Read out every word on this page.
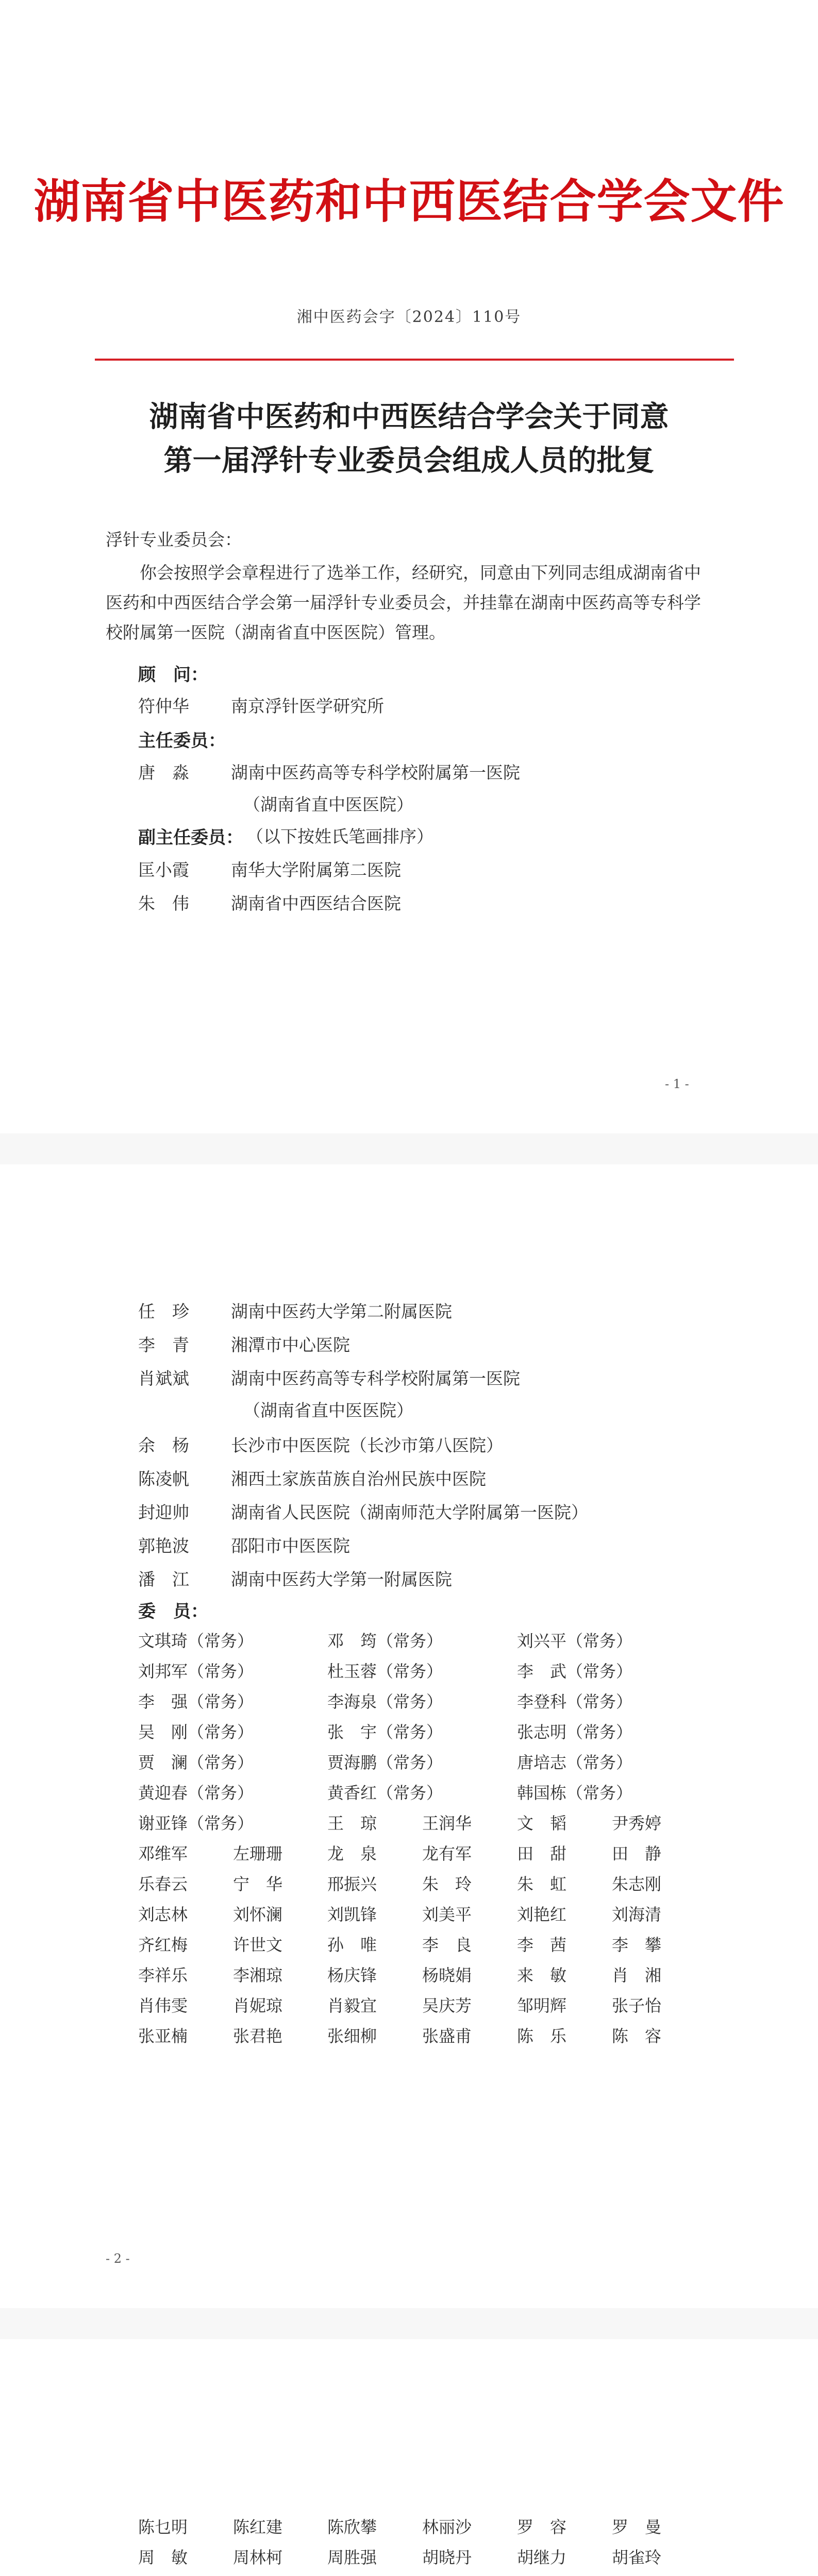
湖南省中医药和中西医结合学会文件
湘中医药会字〔2024〕110号
湖南省中医药和中西医结合学会关于同意
第一届浮针专业委员会组成人员的批复
浮针专业委员会：
你会按照学会章程进行了选举工作，经研究，同意由下列同志组成湖南省中医药和中西医结合学会第一届浮针专业委员会，并挂靠在湖南中医药高等专科学校附属第一医院（湖南省直中医医院）管理。
顾　问：
符仲华 南京浮针医学研究所
主任委员：
唐　淼 湖南中医药高等专科学校附属第一医院
（湖南省直中医医院）
副主任委员： （以下按姓氏笔画排序）
匡小霞 南华大学附属第二医院
朱　伟 湖南省中西医结合医院
- 1 -
任　珍 湖南中医药大学第二附属医院
李　青 湘潭市中心医院
肖斌斌 湖南中医药高等专科学校附属第一医院
（湖南省直中医医院）
余　杨 长沙市中医医院（长沙市第八医院）
陈凌帆 湘西土家族苗族自治州民族中医院
封迎帅 湖南省人民医院（湖南师范大学附属第一医院）
郭艳波 邵阳市中医医院
潘　江 湖南中医药大学第一附属医院
委　员：
文琪琦（常务）	邓　筠（常务）	刘兴平（常务）
刘邦军（常务）	杜玉蓉（常务）	李　武（常务）
李　强（常务）	李海泉（常务）	李登科（常务）
吴　刚（常务）	张　宇（常务）	张志明（常务）
贾　澜（常务）	贾海鹏（常务）	唐培志（常务）
黄迎春（常务）	黄香红（常务）	韩国栋（常务）
谢亚锋（常务）	王　琼	王润华	文　韬	尹秀婷
邓维军	左珊珊	龙　泉	龙有军	田　甜	田　静
乐春云	宁　华	邢振兴	朱　玲	朱　虹	朱志刚
刘志林	刘怀澜	刘凯锋	刘美平	刘艳红	刘海清
齐红梅	许世文	孙　唯	李　良	李　茜	李　攀
李祥乐	李湘琼	杨庆锋	杨晓娟	来　敏	肖　湘
肖伟雯	肖妮琼	肖毅宜	吴庆芳	邹明辉	张子怡
张亚楠	张君艳	张细柳	张盛甫	陈　乐	陈　容
- 2 -
陈乜明	陈红建	陈欣攀	林丽沙	罗　容	罗　曼
周　敏	周林柯	周胜强	胡晓丹	胡继力	胡雀玲
